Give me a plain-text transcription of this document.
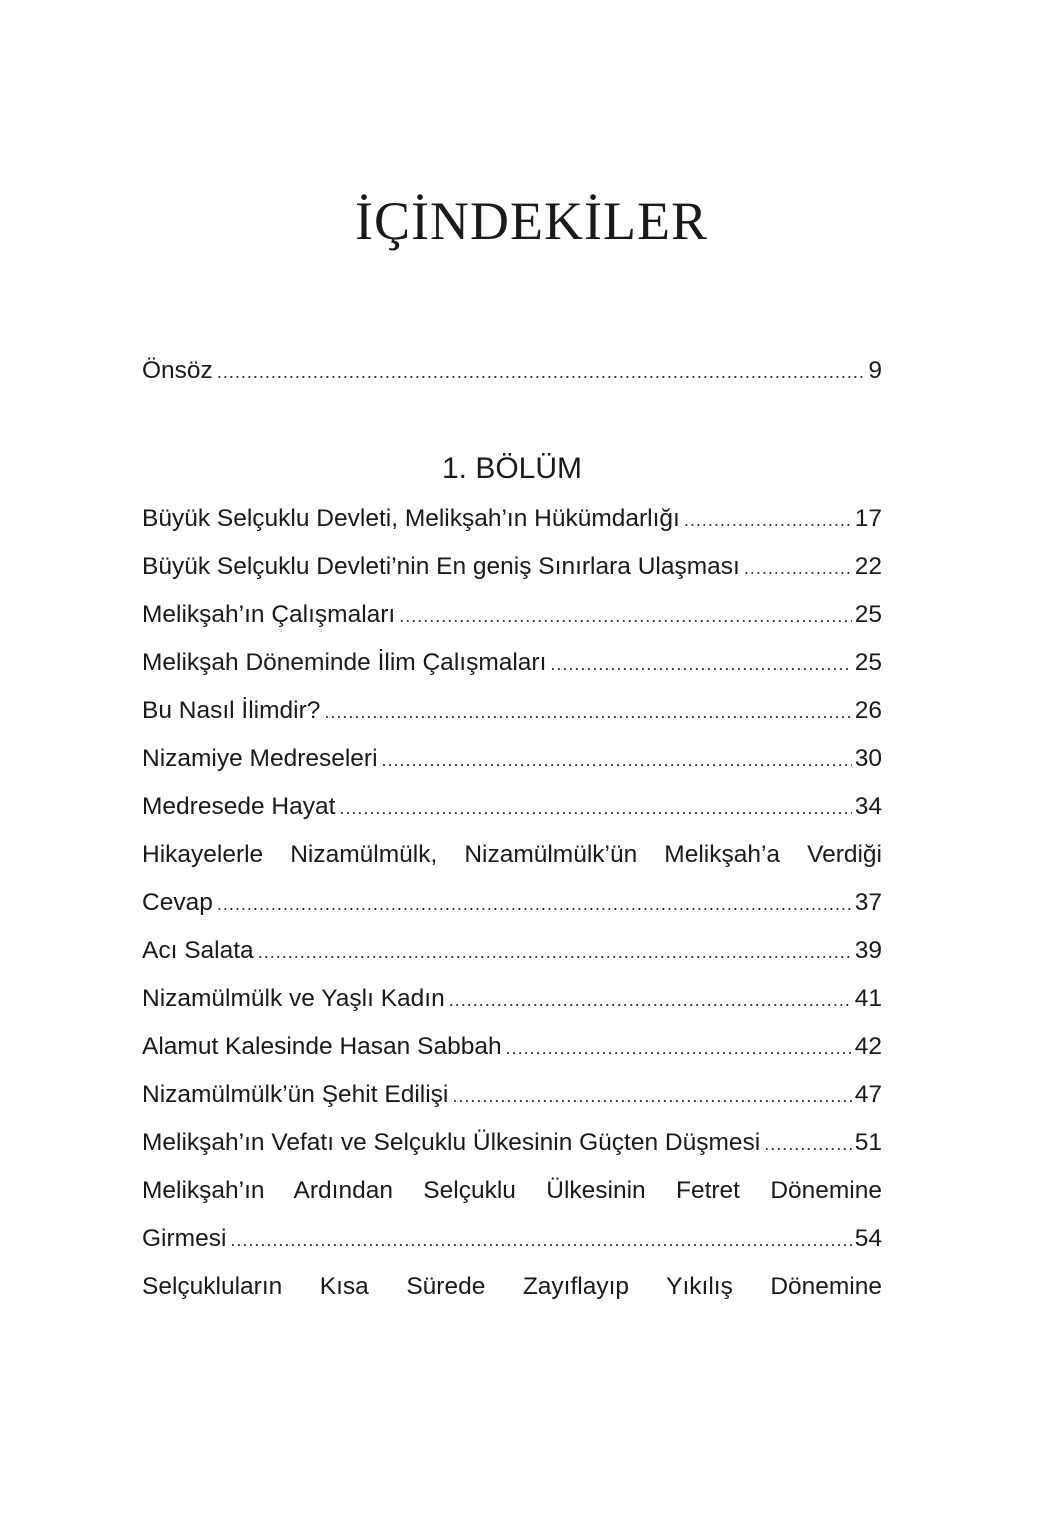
İÇİNDEKİLER
Önsöz .....	9
1. BÖLÜM
Büyük Selçuklu Devleti, Melikşah’ın Hükümdarlığı .....	17
Büyük Selçuklu Devleti’nin En geniş Sınırlara Ulaşması .....	22
Melikşah’ın Çalışmaları .....	25
Melikşah Döneminde İlim Çalışmaları .....	25
Bu Nasıl İlimdir? .....	26
Nizamiye Medreseleri .....	30
Medresede Hayat .....	34
Hikayelerle Nizamülmülk, Nizamülmülk’ün Melikşah’a Verdiği
Cevap .....	37
Acı Salata .....	39
Nizamülmülk ve Yaşlı Kadın .....	41
Alamut Kalesinde Hasan Sabbah .....	42
Nizamülmülk’ün Şehit Edilişi .....	47
Melikşah’ın Vefatı ve Selçuklu Ülkesinin Güçten Düşmesi .....	51
Melikşah’ın Ardından Selçuklu Ülkesinin Fetret Dönemine
Girmesi .....	54
Selçukluların Kısa Sürede Zayıflayıp Yıkılış Dönemine
